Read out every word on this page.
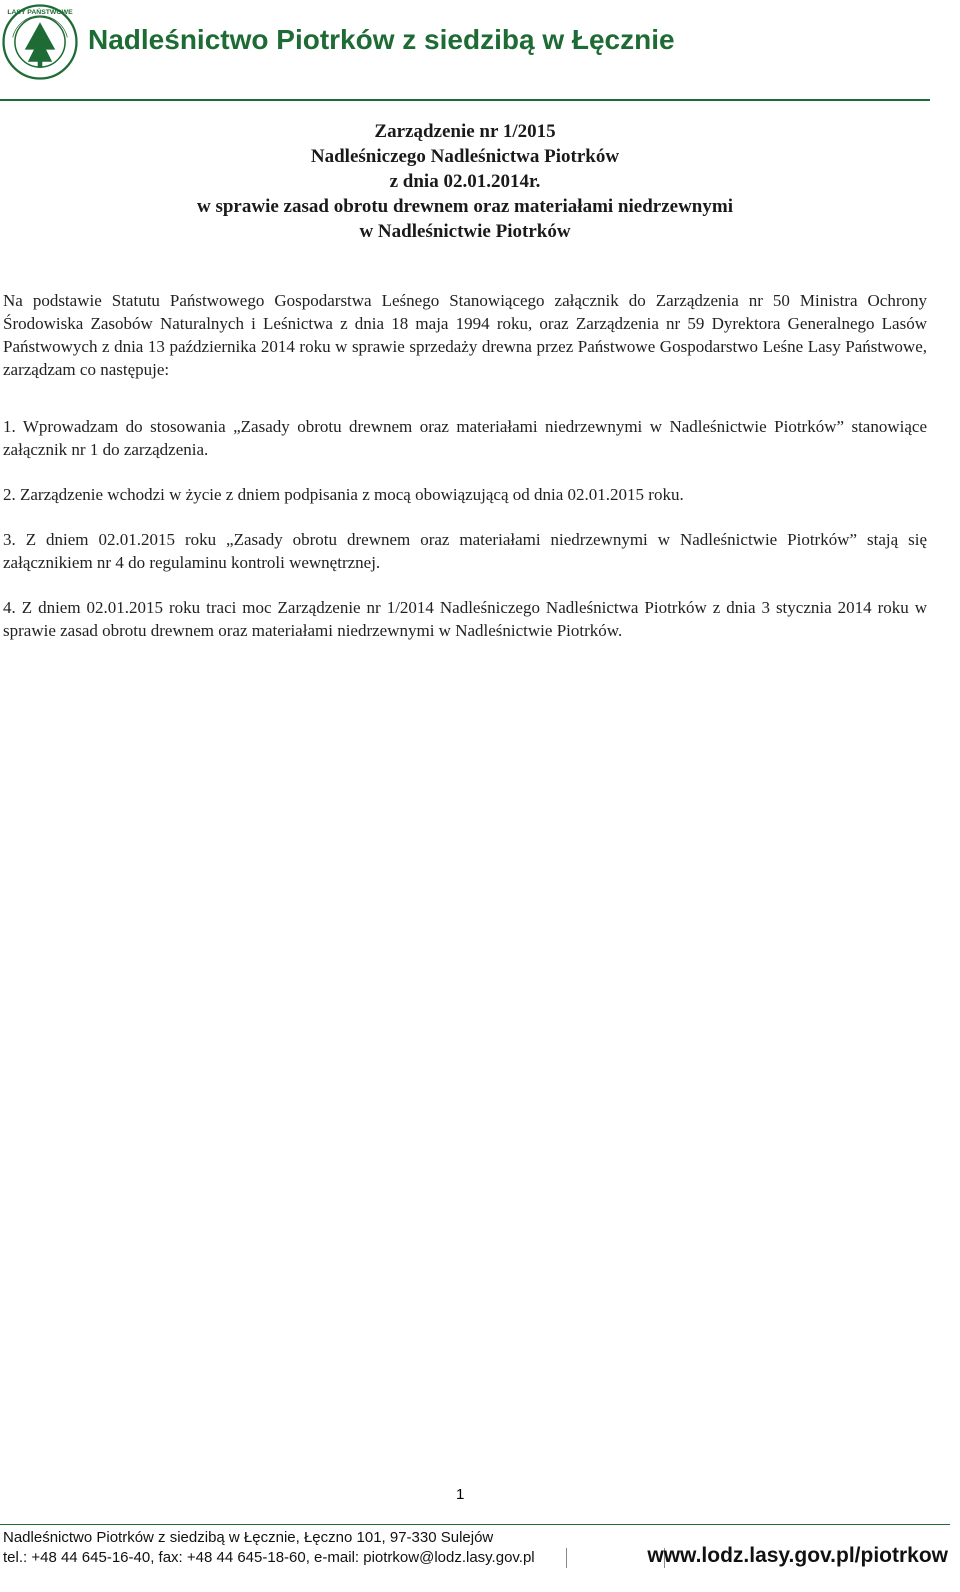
LASY PAŃSTWOWE
Nadleśnictwo Piotrków z siedzibą w Łęcznie
Zarządzenie nr 1/2015
Nadleśniczego Nadleśnictwa Piotrków
z dnia 02.01.2014r.
w sprawie zasad obrotu drewnem oraz materiałami niedrzewnymi
w Nadleśnictwie Piotrków

Na podstawie Statutu Państwowego Gospodarstwa Leśnego Stanowiącego załącznik do Zarządzenia nr 50 Ministra Ochrony Środowiska Zasobów Naturalnych i Leśnictwa z dnia 18 maja 1994 roku, oraz Zarządzenia nr 59 Dyrektora Generalnego Lasów Państwowych z dnia 13 października 2014 roku w sprawie sprzedaży drewna przez Państwowe Gospodarstwo Leśne Lasy Państwowe, zarządzam co następuje:

1. Wprowadzam do stosowania „Zasady obrotu drewnem oraz materiałami niedrzewnymi w Nadleśnictwie Piotrków” stanowiące załącznik nr 1 do zarządzenia.

2. Zarządzenie wchodzi w życie z dniem podpisania z mocą obowiązującą od dnia 02.01.2015 roku.

3. Z dniem 02.01.2015 roku „Zasady obrotu drewnem oraz materiałami niedrzewnymi w Nadleśnictwie Piotrków” stają się załącznikiem nr 4 do regulaminu kontroli wewnętrznej.

4. Z dniem 02.01.2015 roku traci moc Zarządzenie nr 1/2014 Nadleśniczego Nadleśnictwa Piotrków z dnia 3 stycznia 2014 roku w sprawie zasad obrotu drewnem oraz materiałami niedrzewnymi w Nadleśnictwie Piotrków.

1
Nadleśnictwo Piotrków z siedzibą w Łęcznie, Łęczno 101, 97-330 Sulejów
tel.: +48 44 645-16-40, fax: +48 44 645-18-60, e-mail: piotrkow@lodz.lasy.gov.pl	www.lodz.lasy.gov.pl/piotrkow
